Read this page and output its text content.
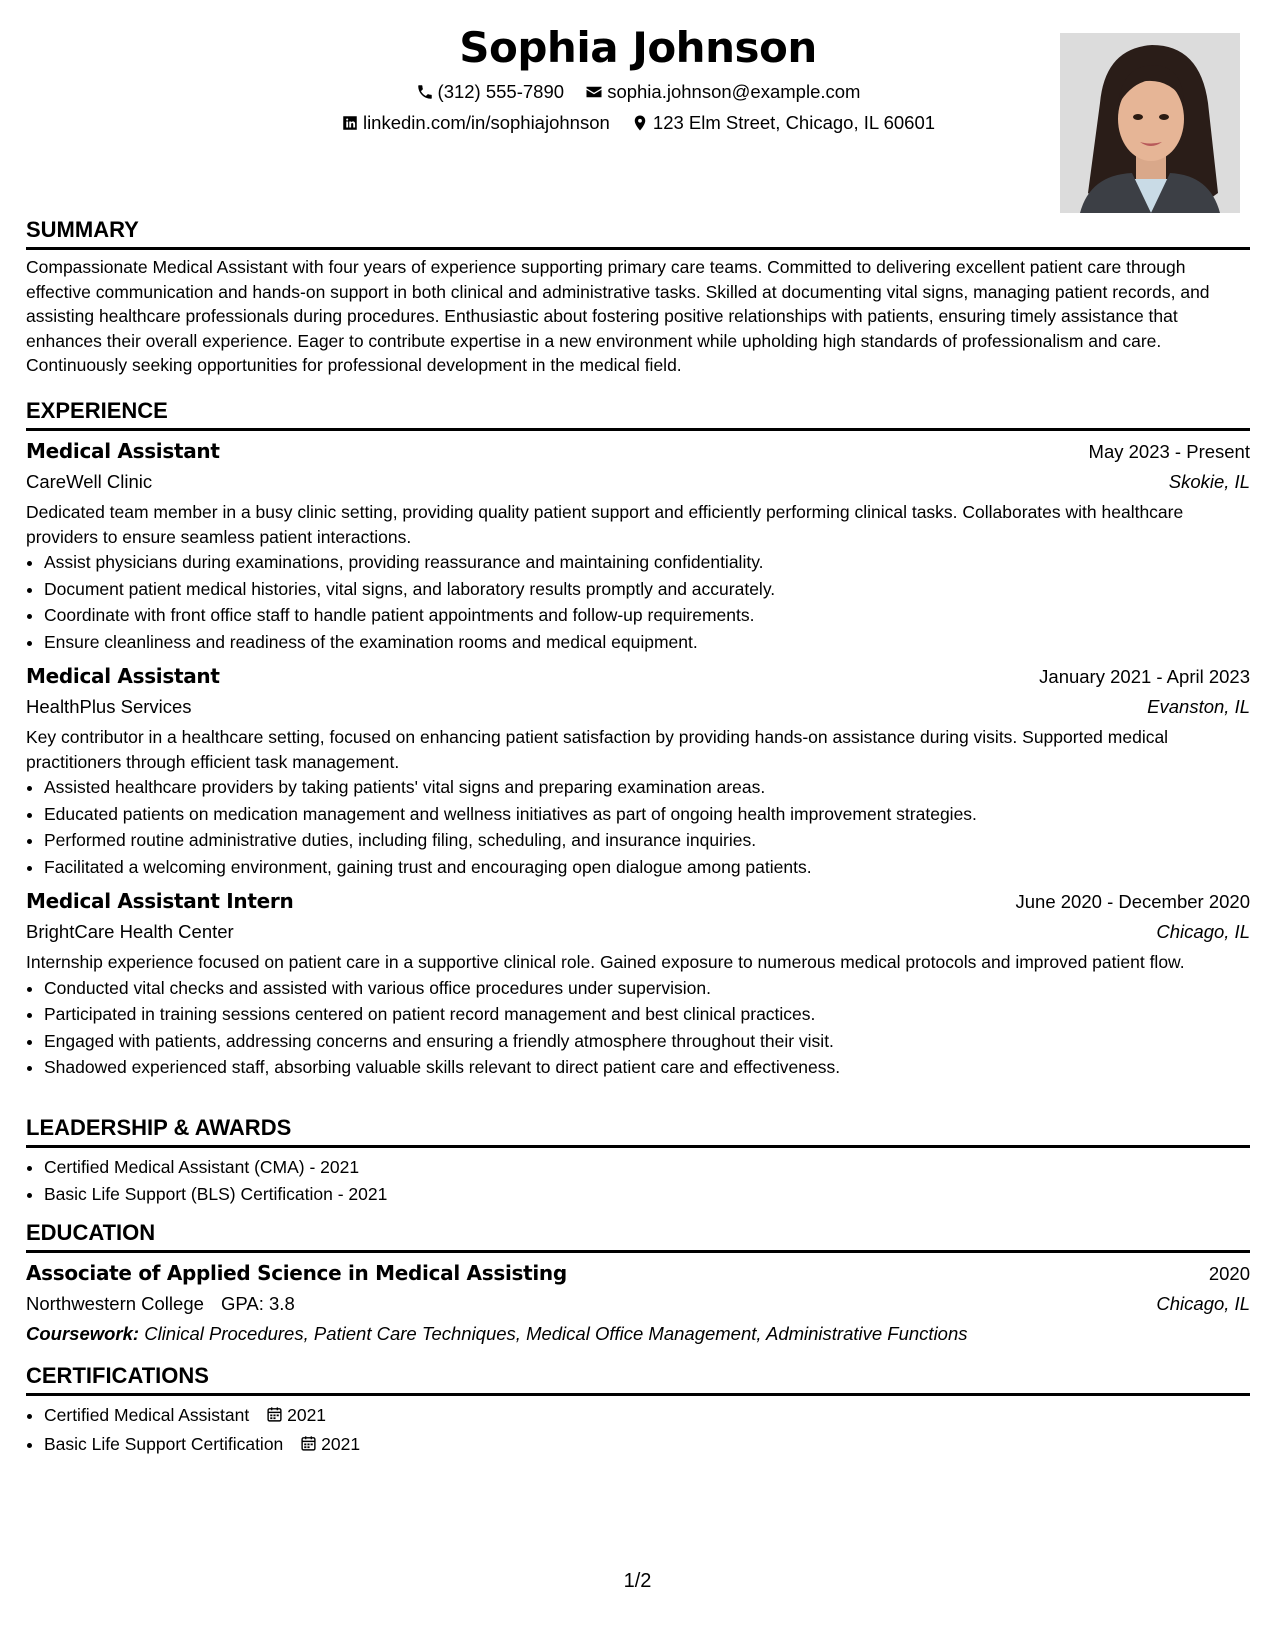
Sophia Johnson
(312) 555-7890
sophia.johnson@example.com
linkedin.com/in/sophiajohnson
123 Elm Street, Chicago, IL 60601
SUMMARY

Compassionate Medical Assistant with four years of experience supporting primary care teams. Committed to delivering excellent patient care through effective communication and hands-on support in both clinical and administrative tasks. Skilled at documenting vital signs, managing patient records, and assisting healthcare professionals during procedures. Enthusiastic about fostering positive relationships with patients, ensuring timely assistance that enhances their overall experience. Eager to contribute expertise in a new environment while upholding high standards of professionalism and care. Continuously seeking opportunities for professional development in the medical field.

EXPERIENCE
Medical Assistant	May 2023 - Present
CareWell Clinic	Skokie, IL

Dedicated team member in a busy clinic setting, providing quality patient support and efficiently performing clinical tasks. Collaborates with healthcare providers to ensure seamless patient interactions.

• Assist physicians during examinations, providing reassurance and maintaining confidentiality.
• Document patient medical histories, vital signs, and laboratory results promptly and accurately.
• Coordinate with front office staff to handle patient appointments and follow-up requirements.
• Ensure cleanliness and readiness of the examination rooms and medical equipment.
Medical Assistant	January 2021 - April 2023
HealthPlus Services	Evanston, IL

Key contributor in a healthcare setting, focused on enhancing patient satisfaction by providing hands-on assistance during visits. Supported medical practitioners through efficient task management.

• Assisted healthcare providers by taking patients' vital signs and preparing examination areas.
• Educated patients on medication management and wellness initiatives as part of ongoing health improvement strategies.
• Performed routine administrative duties, including filing, scheduling, and insurance inquiries.
• Facilitated a welcoming environment, gaining trust and encouraging open dialogue among patients.
Medical Assistant Intern	June 2020 - December 2020
BrightCare Health Center	Chicago, IL

Internship experience focused on patient care in a supportive clinical role. Gained exposure to numerous medical protocols and improved patient flow.

• Conducted vital checks and assisted with various office procedures under supervision.
• Participated in training sessions centered on patient record management and best clinical practices.
• Engaged with patients, addressing concerns and ensuring a friendly atmosphere throughout their visit.
• Shadowed experienced staff, absorbing valuable skills relevant to direct patient care and effectiveness.
LEADERSHIP & AWARDS
• Certified Medical Assistant (CMA) - 2021
• Basic Life Support (BLS) Certification - 2021
EDUCATION
Associate of Applied Science in Medical Assisting	2020
Northwestern College GPA: 3.8	Chicago, IL
Coursework: Clinical Procedures, Patient Care Techniques, Medical Office Management, Administrative Functions
CERTIFICATIONS
• Certified Medical Assistant 2021
• Basic Life Support Certification 2021
1/2
